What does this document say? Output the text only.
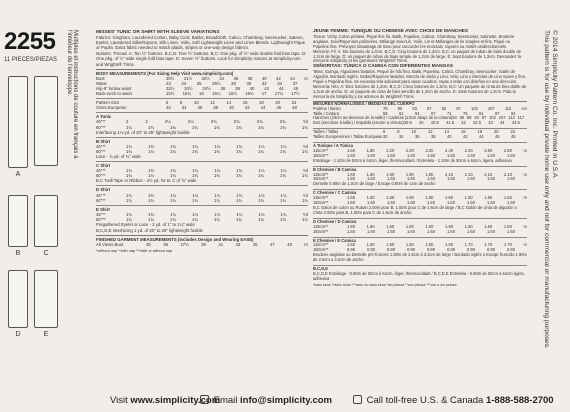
2255
11 PIECES/PIEZAS
A
B	C
D	E
Multiples et instructions de couture en français à l'intérieur de l'enveloppe.	MISSES' TUNIC OR SHIRT WITH SLEEVE VARIATIONS
Fabrics: Gingham, Laundered Cotton, Baby Cord, Batiks, Broadcloth, Calico, Chambray, Seersucker, Sateen, Eyelet, Laundered Silks/Rayons, Silk Linen, Voile, Soft Lightweight Linen and Linen Blends. Lightweight Pique or Poplin. Extra fabric needed to match plaids, stripes or one-way design fabrics.
Notions: Thread. A: Ten ½" buttons. B,C,D: Five ½" buttons. B,C: One pkg. of ½" wide double fold bias tape. D: One pkg. of ½" wide single fold bias tape. E: Seven ½" buttons. Look for Simplicity notions at Simplicity.com and Wrights® Trims.
BODY MEASUREMENTS (For Sizing Help Visit www.simplicity.com)
Bust	30½ 31½ 32½ 34 36 38 40 42 44 In
Waist	23 24 25 26½ 28 30 32 34 37
Hip-9" below waist	32½ 33½ 34½ 36 38 40 42 44 46
Back-neck to waist	15½ 15¾ 16 16¼ 16½ 16¾ 17 17¼ 17½
Pattern Size	6	8	10	12	14	16	18	20	22
Sizes-European	32	34	36	38	40	42	44	46	48
A Tunic
45"**	2	2	2¼	2¼	2¾	2¾	2¾	2¾	Yd
60"**	1¾	1¾	1¾	1¾	1¾	1¾	1¾	1¾	1¾
Interfacing 1⅛ yd. of 20" to 25" lightweight fusible
B Shirt
45"**	1¾	1¾	1¾	1¾	1¾	1¾	1¾	1¾	Yd
60"**	1¾	1¾	1¾	1¾	1¾	1¾	1¾	1¾	1¾
Lace - ⅞ yd. of ¾" wide
C Shirt
45"**	1¾	1¾	1¾	1¾	1¾	1¾	1¾	1¾	Yd
60"**	1¾	1¾	1¾	1¾	1¾	1¾	1¾	1¾	1¾
B,C Twill Tape or Ribbon - 2½ yd. for B, C of ⅝" wide
D Shirt
45"**	1¾	1¾	1¾	1¾	1¾	1¾	1¾	1¾	Yd
60"**	1¾	1¾	1¾	1¾	1¾	1¾	1¾	1¾	1¾
E Shirt
45"**	1¾	1¾	1¾	1¾	1¾	1¾	1¾	1¾	Yd
60"**	1¾	1¾	1¾	1¾	1¾	1¾	1¾	1¾	1¾
Pregathered Eyelet or Lace - 2 yd. of 1" to 1¼" wide
B,C,D,E Interfacing 1 yd. of 20" to 25" lightweight fusible
FINISHED GARMENT MEASUREMENTS (Includes Design and Wearing EASE)
All Views Bust	35	36	37½	39	41	43	45	47	49	In
*without nap **with nap ***with or without nap
JEUNE FEMME: TUNIQUE OU CHEMISE AVEC CHOIX DE MANCHES
Tissus: Vichy, Coton prélavé, Piqué fins fin, Batik, Popeline, Calicot, Chambray, Seersucker, Satinette, Broderie anglaise, Soie/Rayonnes prélavées, Mélange Soie/Lin, Voile, Lin et Mélanges de lin souples et fins, Piqué ou Popeline fine. Prévoyez davantage de tissu pour raccorder les écossais, rayures ou motifs unidirectionnels.
Mercerie: Fil. A: Dix boutons de 1,3cm. B,C,D: Cinq boutons de 1,3cm. B,C: un paquet de ruban de biais double de 1,3cm de large. D: un paquet de ruban de biais simple de 1,3cm de large. E: Sept boutons de 1,3cm. Demandez la mercerie Simplicity et les garnitures Wrights® Trims.
SEÑORITAS: TÚNICA O CAMISA CON DIFERENTES MANGAS
Telas: Guinga, Algodones lavados, Pequé de hilo fino, Batik, Popelina, Calicó, Chambray, Seersucker, Satén de Algodón, Bordado inglés, Sedas/Rayones lavados, Mezcla de Seda y Lino, Velo, Lino y Mezclas de Lino suave y fino, Piqué o Popelina fina. Se necesita tela adicional para casar cuadros, rayas o telas con diseños en una dirección.
Mercería: Hilo. A: Diez botones de 1,3cm. B,C,D: Cinco botones de 1,3cm. B,C: Un paquete de cinta de bies doble de 1,3cm de ancho. D: un paquete de cinta de bies sencillo de 1,3cm de ancho. E: Siete botones de 1,3cm. Pida la mercería de Simplicity y los adornos de Wrights® Trims.
MESURES NORMALISÉES / MEDIDAS DEL CUERPO
Poitrine / Busto	78 80 83 87 92 97 102 107 112 cm
Taille / Cintura	58	61	64	67	71	76	81	87	94
Hanches (23cm au-dessous de la taille) / Caderas (23cm abajo de la cintura) 83 85 88 92 97 102 107 112 117
Dos (encolure à taille) / Espalda (escote a cintura) 39.5 40 40.5 41.5 42 42.5 43 44 44.5
Tailles / Tallas	6	8	10	12	14	16	18	20	22
Tailles Européennes / Tallas Europeas 32	34	36	38	40	42	44	46	48
A Tunique / A Túnica
115cm**	1.60	1.80	2.20	2.20	2.20	2.40	2.40	2.50	2.50	m
150cm**	1.60	1.60	1.60	1.60	1.60	1.60	1.60	1.60	1.60
Entoilage - 1.10m de 50cm à 64cm, léger, thermocollant / Entretela - 1.10m de 50cm a 64cm, ligera, adhesiva
B Chemise / B Camisa
115cm**	1.60	1.60	1.60	1.90	1.90	2.10	2.10	2.10	2.10	m
150cm**	1.60	1.60	1.60	1.60	1.60	1.60	1.60	1.60	1.60
Dentelle 0.80m de 1.0cm de large / Encaje 0.80m de 1cm de ancho
C Chemise / C Camisa
115cm**	1.60	1.60	1.60	1.60	1.60	1.60	1.60	1.60	1.60	m
150cm**	1.60	1.60	1.60	1.60	1.60	1.60	1.60	1.60	1.60
B,C Galon de coton ou Ruban 2.00m pour B, 1.50m pour C de 1.6cm de large / B,C Galón de cinta de algodón o Cinta 2.00m para B, 1.50m para C de 1.6cm de ancho
D Chemise / D Camisa
115cm**	1.60	1.60	1.60	1.60	1.60	1.60	1.60	1.60	1.60	m
150cm**	1.60	1.60	1.60	1.60	1.60	1.60	1.60	1.60	1.60
E Chemise / E Camisa
115cm**	1.50	1.50	1.50	1.50	1.60	1.60	1.70	1.70	1.70	m
150cm**	0.90	0.90	0.90	0.90	0.90	0.90	0.90	0.90	0.90
Broderie anglaise ou Dentelle pré-froncée 1.80m de 2.5cm à 3.2cm de large / Bordado inglés o Encaje fruncido 1.80m de 2.5cm a 3.2cm de ancho
B,C,D,E
B,C,D,E Entoilage - 0.90m de 50cm à 64cm, léger, thermocollant / B,C,D,E Entretela - 0.90m de 50cm a 64cm ligera, adhesiva
*sans sens **avec sens ***avec ou sans sens *sin pelusa **con pelusa ***con o sin pelusa
© 2014 Simplicity Pattern Co. Inc. Printed in U.S.A.
This pattern is for use by individual private home use only and not for commercial or manufacturing purposes.
Visit www.simplicity.com
Email info@simplicity.com	Call toll-free U.S. & Canada 1-888-588-2700
